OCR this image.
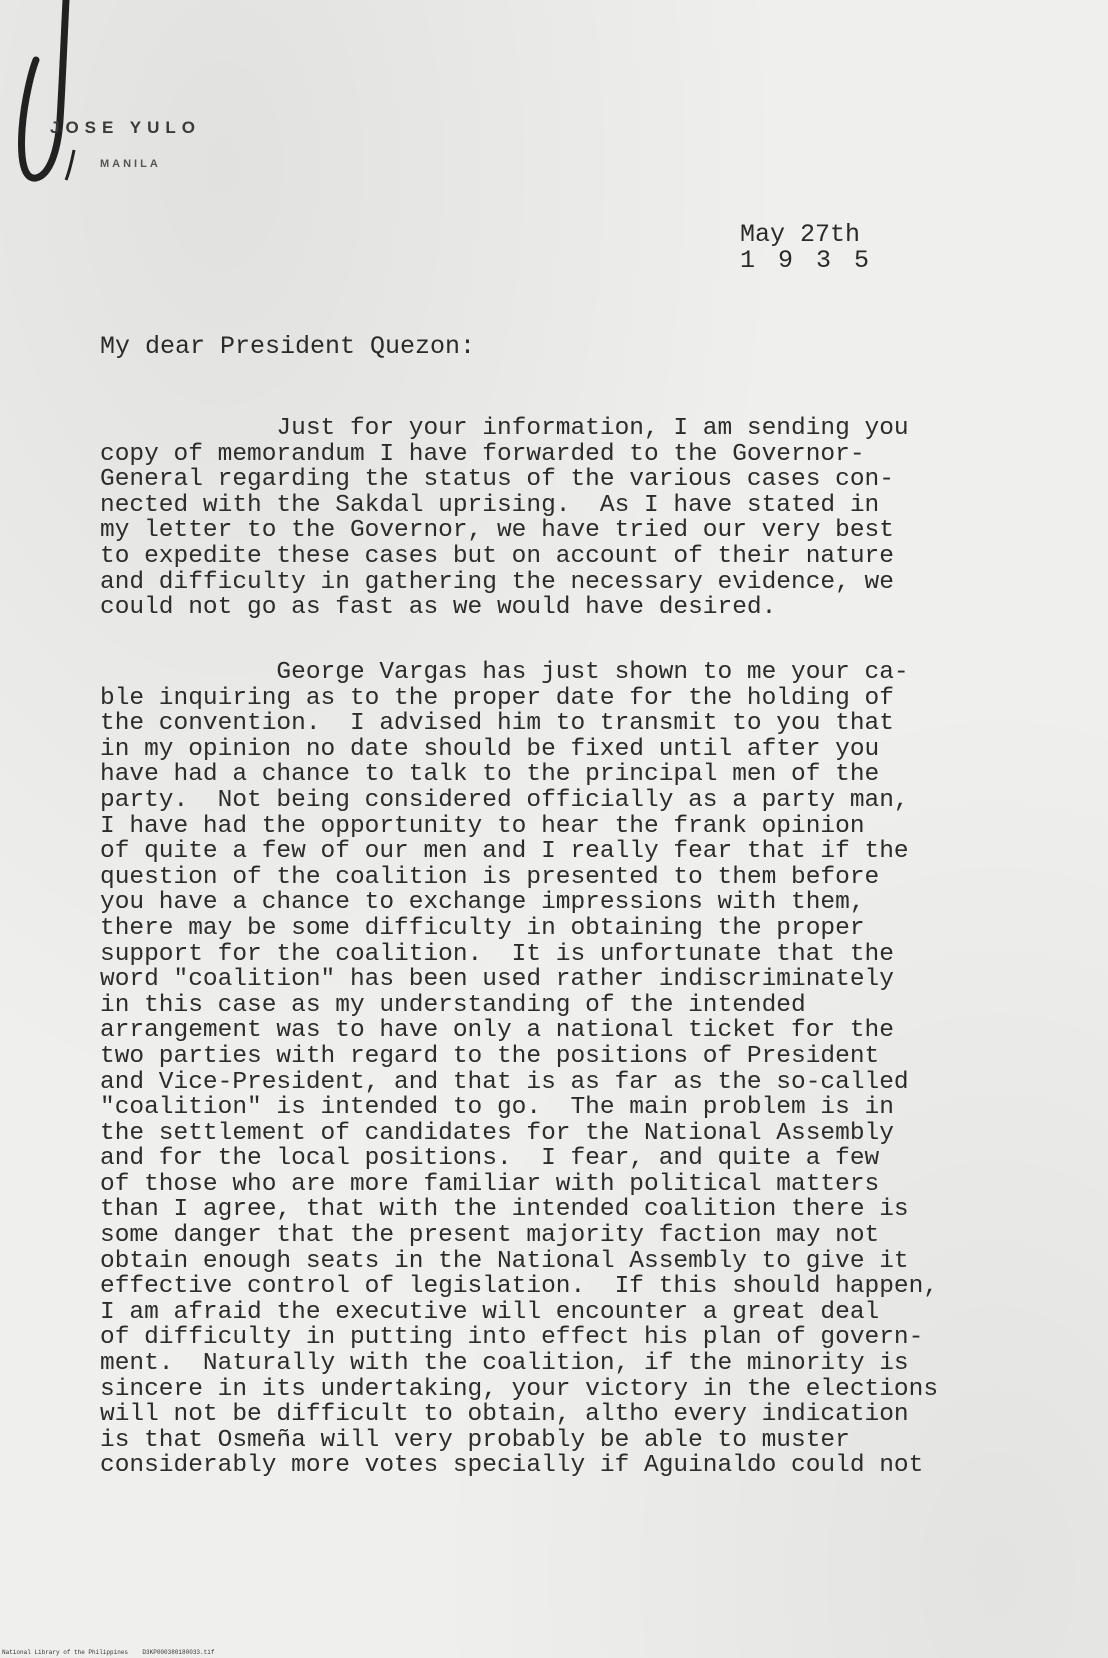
JOSE YULO

MANILA

May 27th

1 9 3 5

My dear President Quezon:

Just for your information, I am sending you
copy of memorandum I have forwarded to the Governor-
General regarding the status of the various cases con-
nected with the Sakdal uprising.  As I have stated in
my letter to the Governor, we have tried our very best
to expedite these cases but on account of their nature
and difficulty in gathering the necessary evidence, we
could not go as fast as we would have desired.

George Vargas has just shown to me your ca-
ble inquiring as to the proper date for the holding of
the convention.  I advised him to transmit to you that
in my opinion no date should be fixed until after you
have had a chance to talk to the principal men of the
party.  Not being considered officially as a party man,
I have had the opportunity to hear the frank opinion
of quite a few of our men and I really fear that if the
question of the coalition is presented to them before
you have a chance to exchange impressions with them,
there may be some difficulty in obtaining the proper
support for the coalition.  It is unfortunate that the
word "coalition" has been used rather indiscriminately
in this case as my understanding of the intended
arrangement was to have only a national ticket for the
two parties with regard to the positions of President
and Vice-President, and that is as far as the so-called
"coalition" is intended to go.  The main problem is in
the settlement of candidates for the National Assembly
and for the local positions.  I fear, and quite a few
of those who are more familiar with political matters
than I agree, that with the intended coalition there is
some danger that the present majority faction may not
obtain enough seats in the National Assembly to give it
effective control of legislation.  If this should happen,
I am afraid the executive will encounter a great deal
of difficulty in putting into effect his plan of govern-
ment.  Naturally with the coalition, if the minority is
sincere in its undertaking, your victory in the elections
will not be difficult to obtain, altho every indication
is that Osmeña will very probably be able to muster
considerably more votes specially if Aguinaldo could not

National Library of the Philippines    D3KP000380180033.tif
